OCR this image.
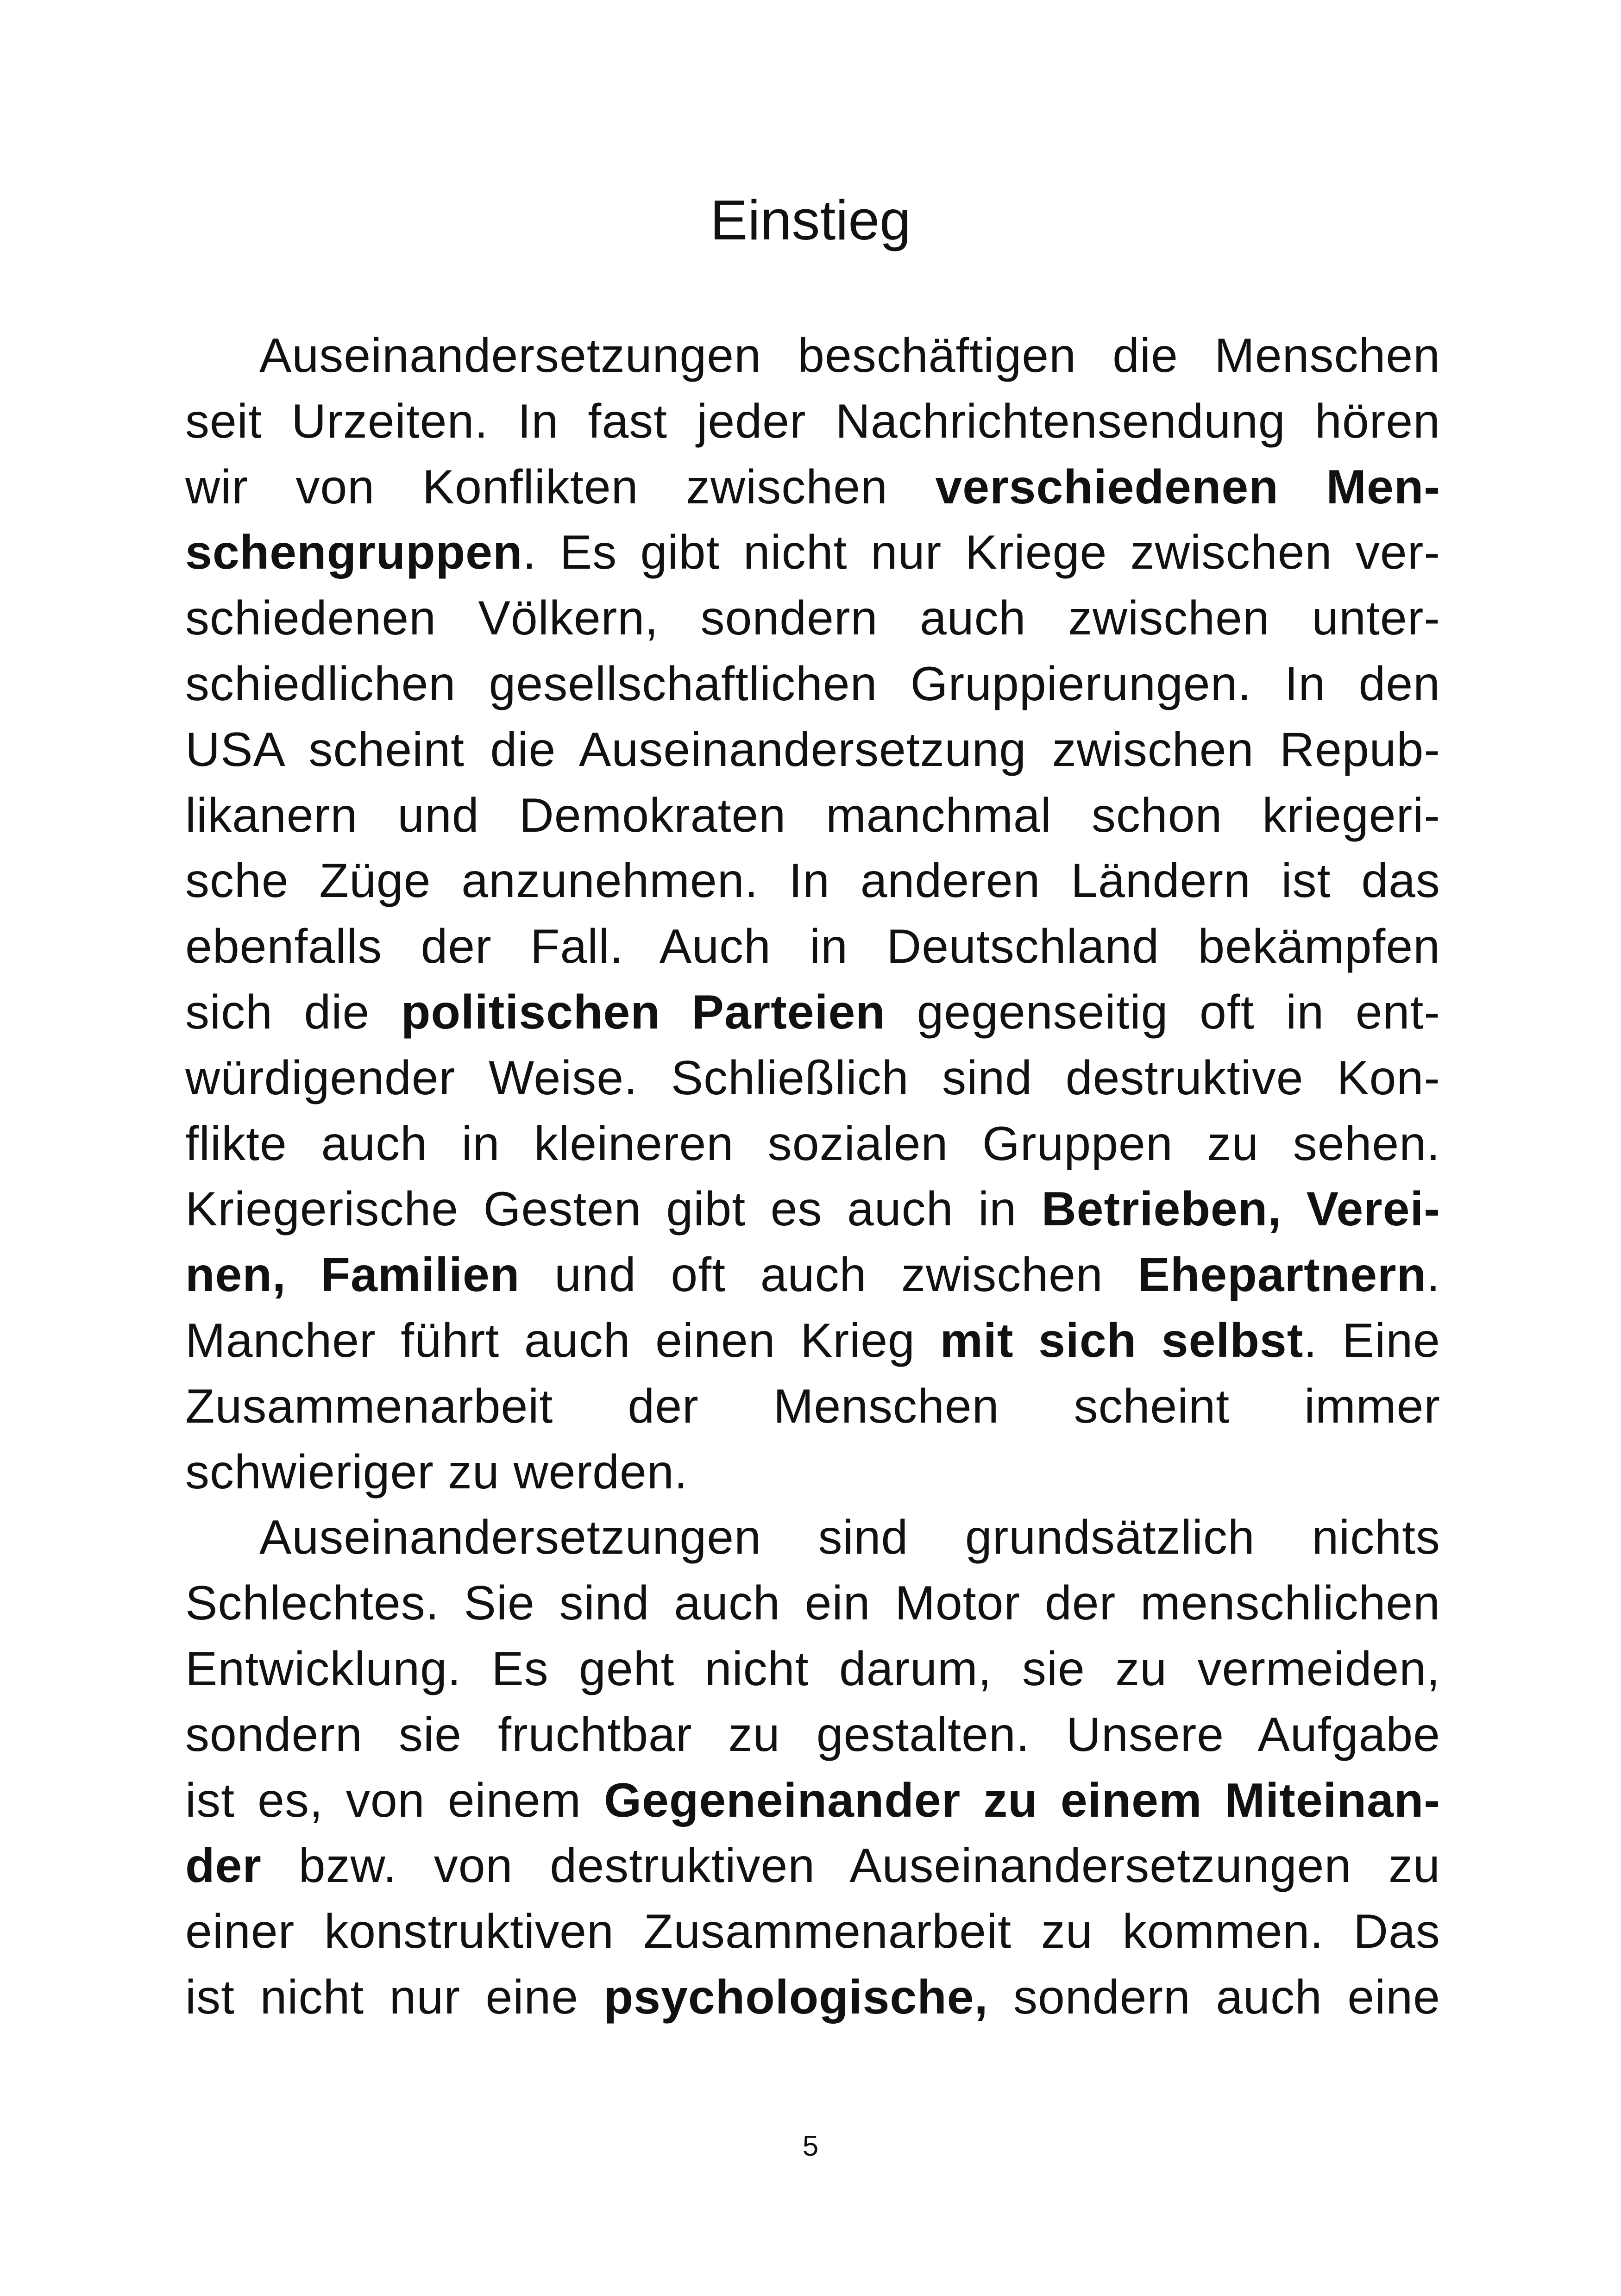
Einstieg
Auseinandersetzungen beschäftigen die Menschen
seit Urzeiten. In fast jeder Nachrichtensendung hören
wir von Konflikten zwischen verschiedenen Men-
schengruppen. Es gibt nicht nur Kriege zwischen ver-
schiedenen Völkern, sondern auch zwischen unter-
schiedlichen gesellschaftlichen Gruppierungen. In den
USA scheint die Auseinandersetzung zwischen Repub-
likanern und Demokraten manchmal schon kriegeri-
sche Züge anzunehmen. In anderen Ländern ist das
ebenfalls der Fall. Auch in Deutschland bekämpfen
sich die politischen Parteien gegenseitig oft in ent-
würdigender Weise. Schließlich sind destruktive Kon-
flikte auch in kleineren sozialen Gruppen zu sehen.
Kriegerische Gesten gibt es auch in Betrieben, Verei-
nen, Familien und oft auch zwischen Ehepartnern.
Mancher führt auch einen Krieg mit sich selbst. Eine
Zusammenarbeit der Menschen scheint immer
schwieriger zu werden.
Auseinandersetzungen sind grundsätzlich nichts
Schlechtes. Sie sind auch ein Motor der menschlichen
Entwicklung. Es geht nicht darum, sie zu vermeiden,
sondern sie fruchtbar zu gestalten. Unsere Aufgabe
ist es, von einem Gegeneinander zu einem Miteinan-
der bzw. von destruktiven Auseinandersetzungen zu
einer konstruktiven Zusammenarbeit zu kommen. Das
ist nicht nur eine psychologische, sondern auch eine
5
